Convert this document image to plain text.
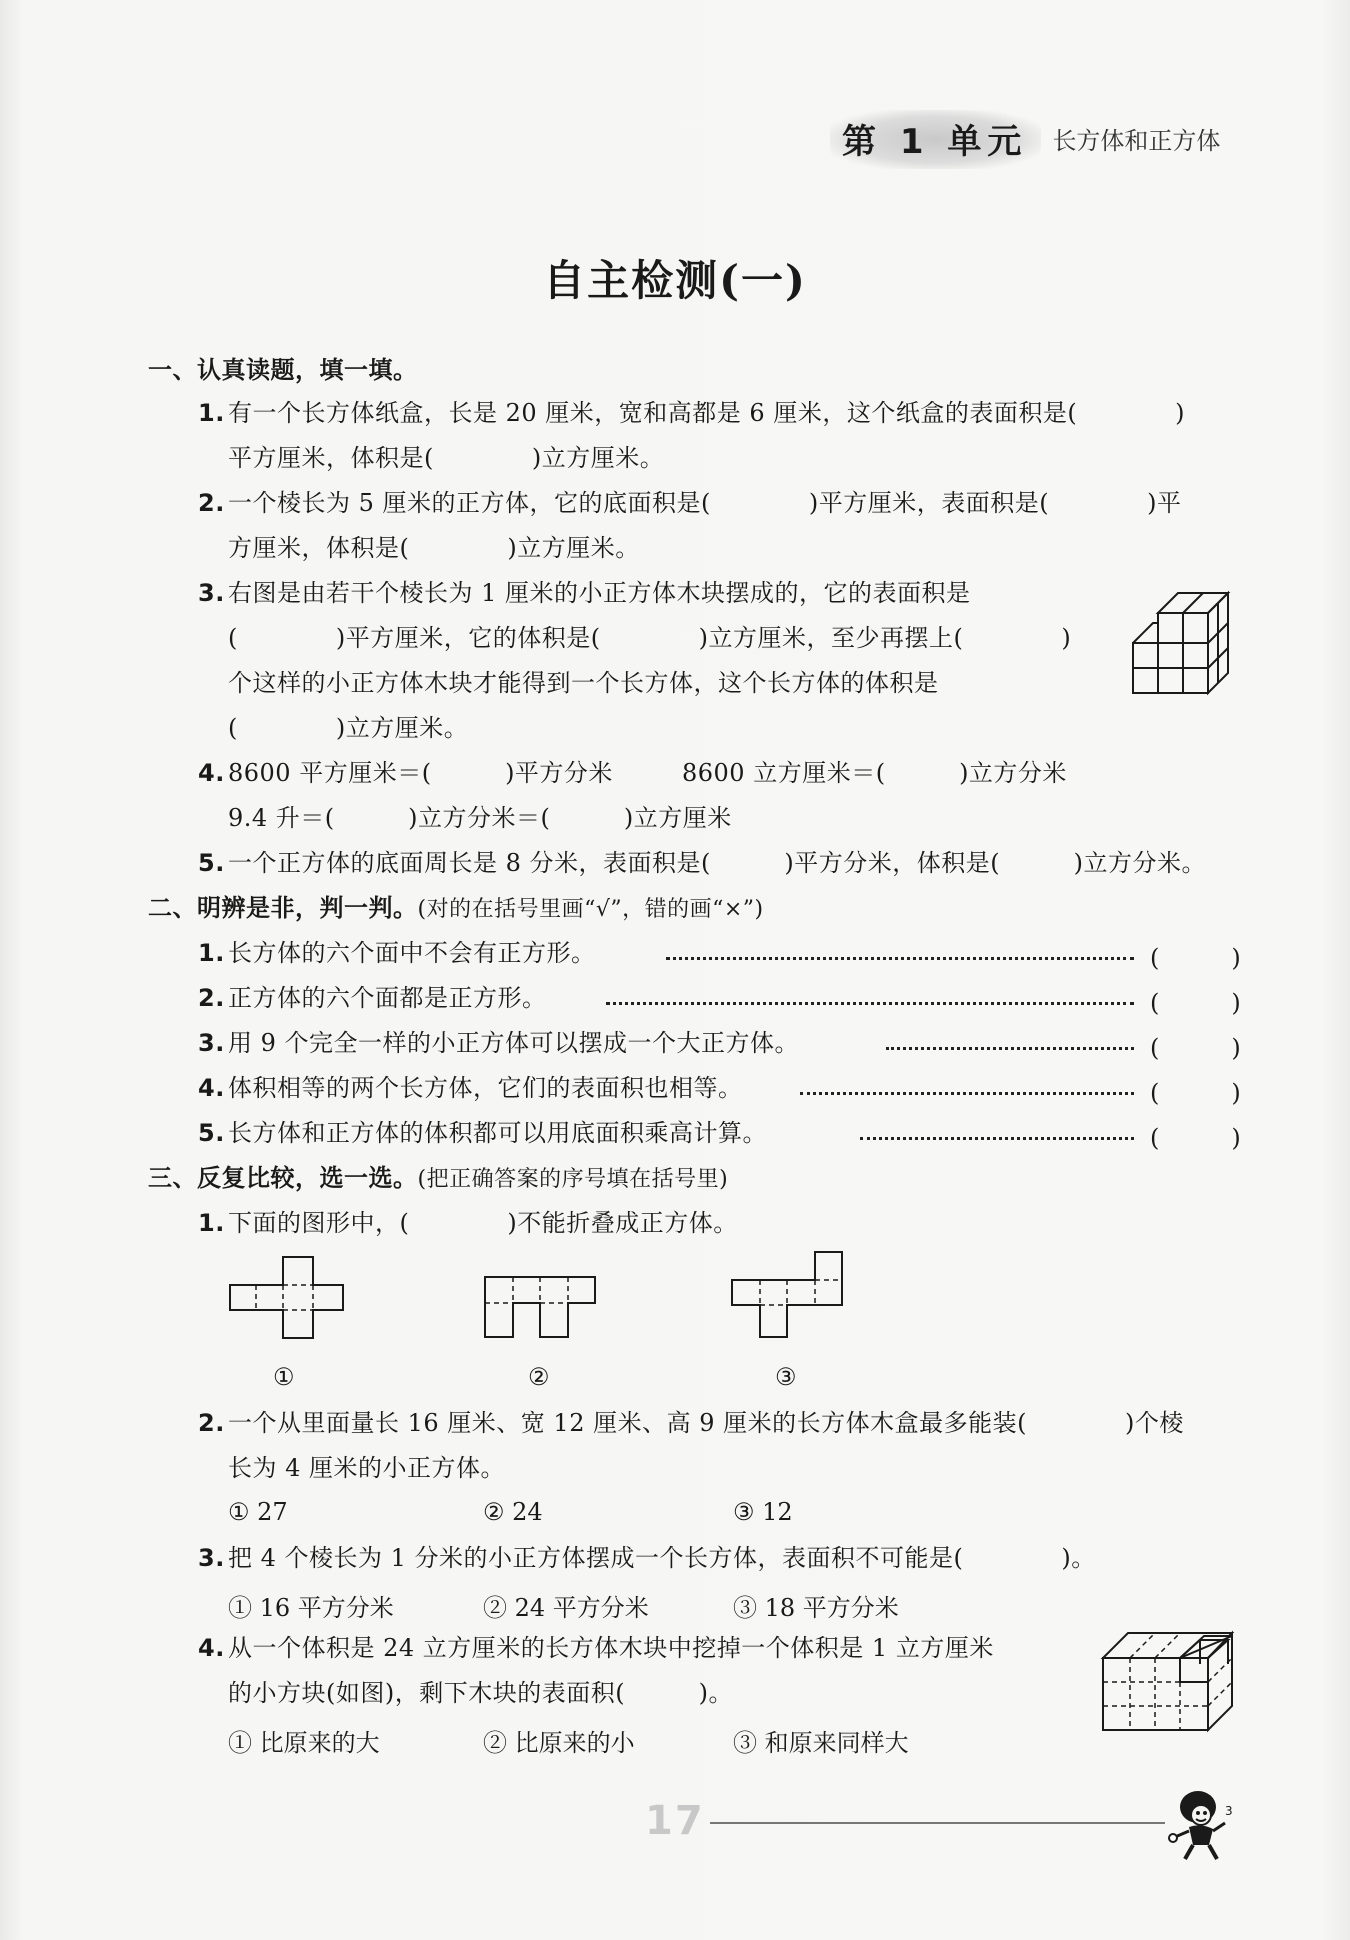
第 1 单元 长方体和正方体
自主检测(一)
一、认真读题，填一填。
1. 有一个长方体纸盒，长是 20 厘米，宽和高都是 6 厘米，这个纸盒的表面积是(　　　　)
平方厘米，体积是(　　　　)立方厘米。
2. 一个棱长为 5 厘米的正方体，它的底面积是(　　　　)平方厘米，表面积是(　　　　)平
方厘米，体积是(　　　　)立方厘米。
3. 右图是由若干个棱长为 1 厘米的小正方体木块摆成的，它的表面积是
(　　　　)平方厘米，它的体积是(　　　　)立方厘米，至少再摆上(　　　　)
个这样的小正方体木块才能得到一个长方体，这个长方体的体积是
(　　　　)立方厘米。
4. 8600 平方厘米＝(　　　)平方分米	8600 立方厘米＝(　　　)立方分米
9.4 升＝(　　　)立方分米＝(　　　)立方厘米
5. 一个正方体的底面周长是 8 分米，表面积是(　　　)平方分米，体积是(　　　)立方分米。
二、明辨是非，判一判。(对的在括号里画“√”，错的画“×”)
1. 长方体的六个面中不会有正方形。	(　　　)
2. 正方体的六个面都是正方形。	(　　　)
3. 用 9 个完全一样的小正方体可以摆成一个大正方体。	(　　　)
4. 体积相等的两个长方体，它们的表面积也相等。	(　　　)
5. 长方体和正方体的体积都可以用底面积乘高计算。	(　　　)
三、反复比较，选一选。(把正确答案的序号填在括号里)
1. 下面的图形中，(　　　　)不能折叠成正方体。
①	②	③
2. 一个从里面量长 16 厘米、宽 12 厘米、高 9 厘米的长方体木盒最多能装(　　　　)个棱
长为 4 厘米的小正方体。
① 27	② 24	③ 12
3. 把 4 个棱长为 1 分米的小正方体摆成一个长方体，表面积不可能是(　　　　)。
① 16 平方分米	② 24 平方分米	③ 18 平方分米
4. 从一个体积是 24 立方厘米的长方体木块中挖掉一个体积是 1 立方厘米
的小方块(如图)，剩下木块的表面积(　　　)。
① 比原来的大	② 比原来的小	③ 和原来同样大
17	3
